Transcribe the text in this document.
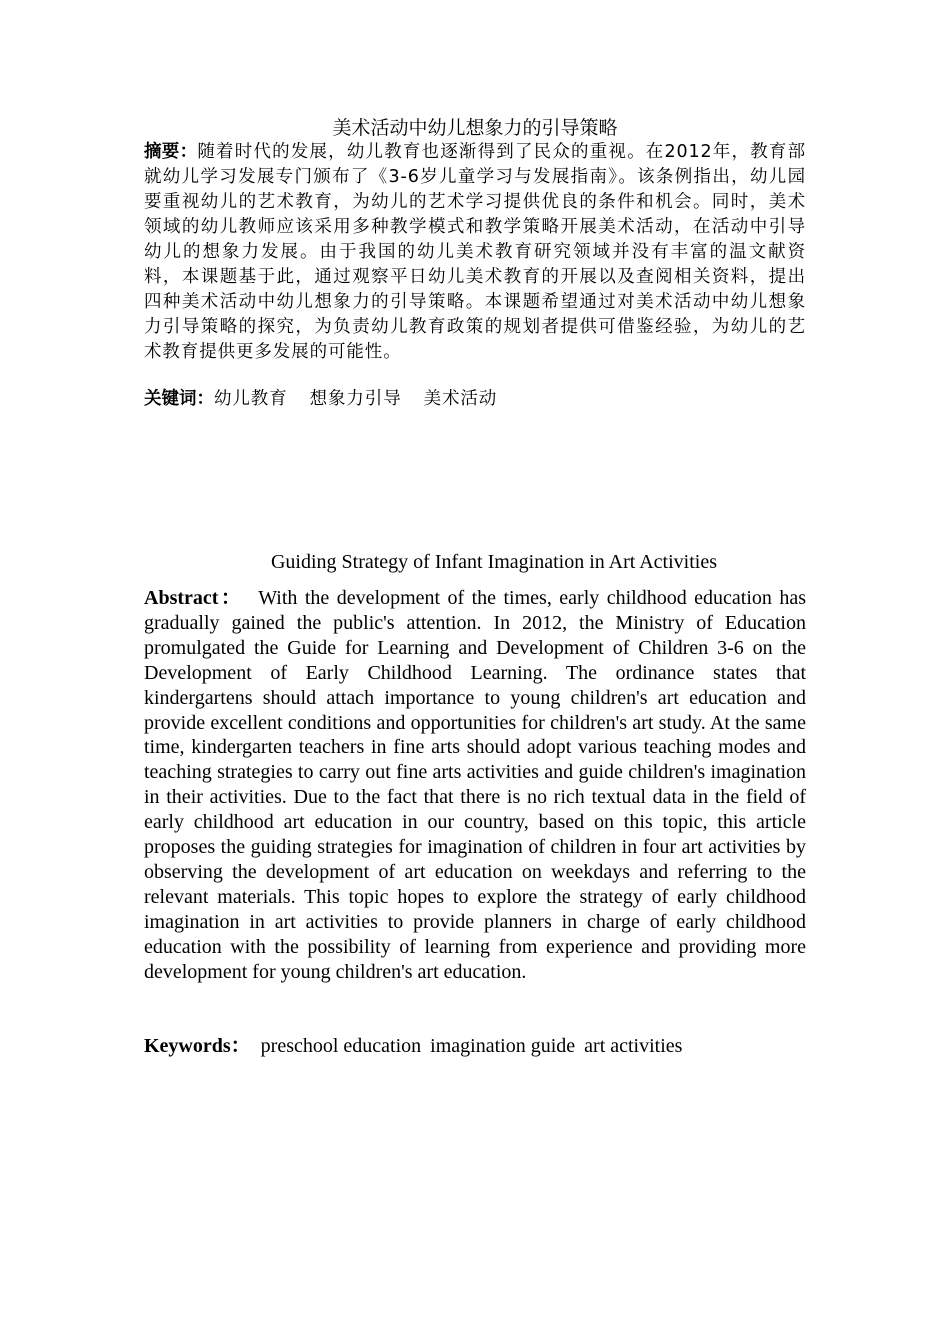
美术活动中幼儿想象力的引导策略

摘要：随着时代的发展，幼儿教育也逐渐得到了民众的重视。在2012年，教育部就幼儿学习发展专门颁布了《3-6岁儿童学习与发展指南》。该条例指出，幼儿园要重视幼儿的艺术教育，为幼儿的艺术学习提供优良的条件和机会。同时，美术领域的幼儿教师应该采用多种教学模式和教学策略开展美术活动，在活动中引导幼儿的想象力发展。由于我国的幼儿美术教育研究领域并没有丰富的温文献资料，本课题基于此，通过观察平日幼儿美术教育的开展以及查阅相关资料，提出四种美术活动中幼儿想象力的引导策略。本课题希望通过对美术活动中幼儿想象力引导策略的探究，为负责幼儿教育政策的规划者提供可借鉴经验，为幼儿的艺术教育提供更多发展的可能性。

关键词：幼儿教育 想象力引导 美术活动

Guiding Strategy of Infant Imagination in Art Activities

Abstract： With the development of the times, early childhood education has gradually gained the public's attention. In 2012, the Ministry of Education promulgated the Guide for Learning and Development of Children 3-6 on the Development of Early Childhood Learning. The ordinance states that kindergartens should attach importance to young children's art education and provide excellent conditions and opportunities for children's art study. At the same time, kindergarten teachers in fine arts should adopt various teaching modes and teaching strategies to carry out fine arts activities and guide children's imagination in their activities. Due to the fact that there is no rich textual data in the field of early childhood art education in our country, based on this topic, this article proposes the guiding strategies for imagination of children in four art activities by observing the development of art education on weekdays and referring to the relevant materials. This topic hopes to explore the strategy of early childhood imagination in art activities to provide planners in charge of early childhood education with the possibility of learning from experience and providing more development for young children's art education.

Keywords： preschool education imagination guide art activities
